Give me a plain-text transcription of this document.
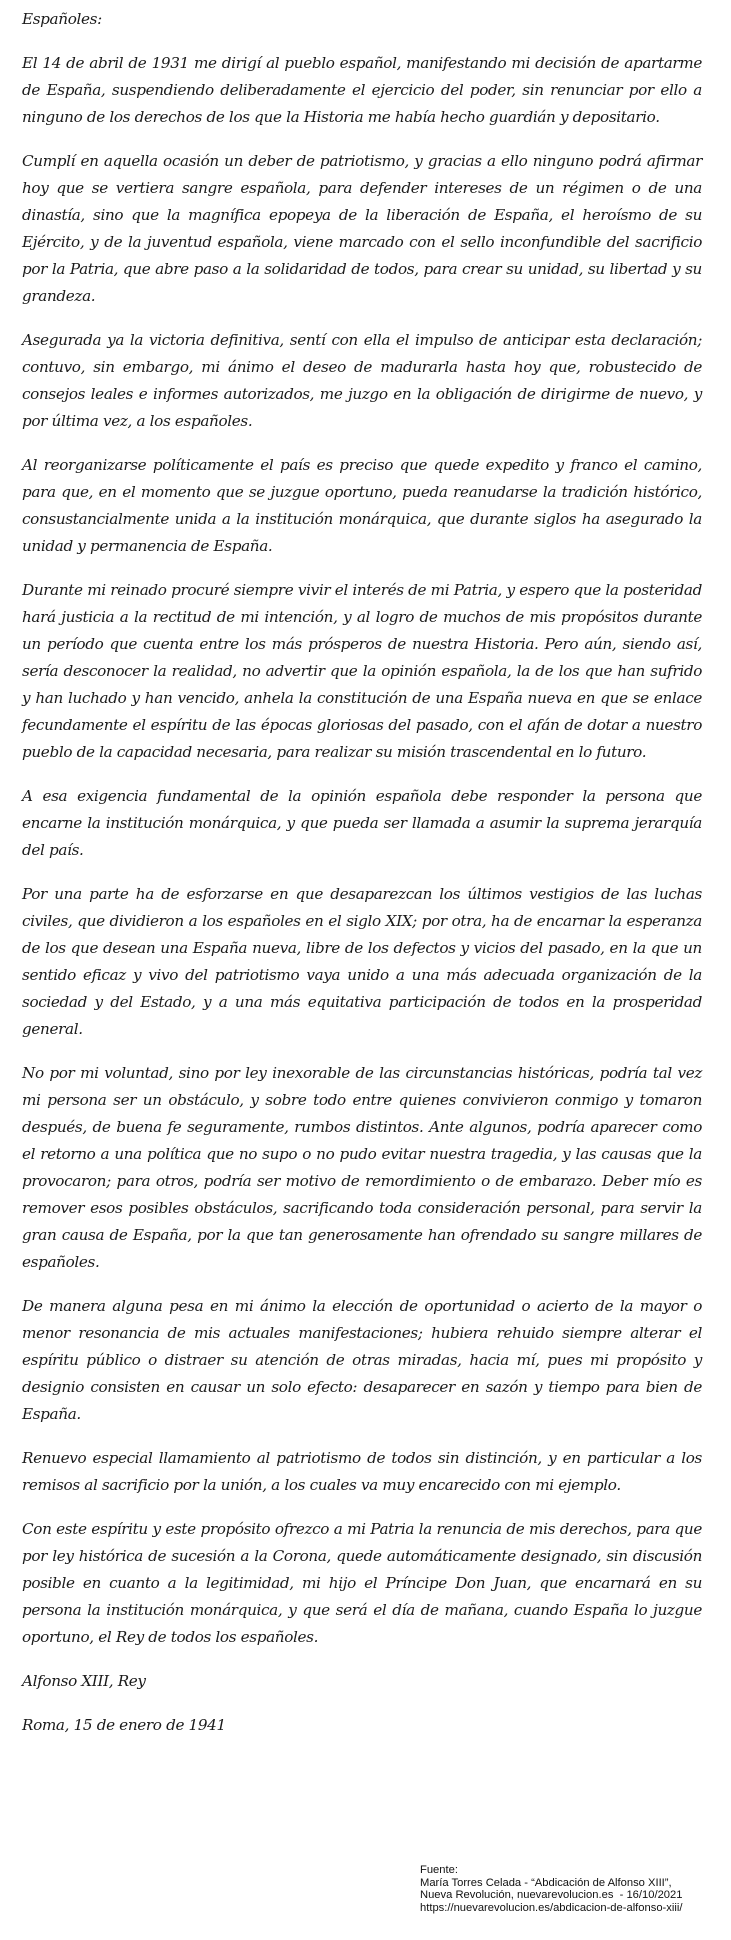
Españoles:

El 14 de abril de 1931 me dirigí al pueblo español, manifestando mi decisión de apartarme de España, suspendiendo deliberadamente el ejercicio del poder, sin renunciar por ello a ninguno de los derechos de los que la Historia me había hecho guardián y depositario.

Cumplí en aquella ocasión un deber de patriotismo, y gracias a ello ninguno podrá afirmar hoy que se vertiera sangre española, para defender intereses de un régimen o de una dinastía, sino que la magnífica epopeya de la liberación de España, el heroísmo de su Ejército, y de la juventud española, viene marcado con el sello inconfundible del sacrificio por la Patria, que abre paso a la solidaridad de todos, para crear su unidad, su libertad y su grandeza.

Asegurada ya la victoria definitiva, sentí con ella el impulso de anticipar esta declaración; contuvo, sin embargo, mi ánimo el deseo de madurarla hasta hoy que, robustecido de consejos leales e informes autorizados, me juzgo en la obligación de dirigirme de nuevo, y por última vez, a los españoles.

Al reorganizarse políticamente el país es preciso que quede expedito y franco el camino, para que, en el momento que se juzgue oportuno, pueda reanudarse la tradición histórico, consustancialmente unida a la institución monárquica, que durante siglos ha asegurado la unidad y permanencia de España.

Durante mi reinado procuré siempre vivir el interés de mi Patria, y espero que la posteridad hará justicia a la rectitud de mi intención, y al logro de muchos de mis propósitos durante un período que cuenta entre los más prósperos de nuestra Historia. Pero aún, siendo así, sería desconocer la realidad, no advertir que la opinión española, la de los que han sufrido y han luchado y han vencido, anhela la constitución de una España nueva en que se enlace fecundamente el espíritu de las épocas gloriosas del pasado, con el afán de dotar a nuestro pueblo de la capacidad necesaria, para realizar su misión trascendental en lo futuro.

A esa exigencia fundamental de la opinión española debe responder la persona que encarne la institución monárquica, y que pueda ser llamada a asumir la suprema jerarquía del país.

Por una parte ha de esforzarse en que desaparezcan los últimos vestigios de las luchas civiles, que dividieron a los españoles en el siglo XIX; por otra, ha de encarnar la esperanza de los que desean una España nueva, libre de los defectos y vicios del pasado, en la que un sentido eficaz y vivo del patriotismo vaya unido a una más adecuada organización de la sociedad y del Estado, y a una más equitativa participación de todos en la prosperidad general.

No por mi voluntad, sino por ley inexorable de las circunstancias históricas, podría tal vez mi persona ser un obstáculo, y sobre todo entre quienes convivieron conmigo y tomaron después, de buena fe seguramente, rumbos distintos. Ante algunos, podría aparecer como el retorno a una política que no supo o no pudo evitar nuestra tragedia, y las causas que la provocaron; para otros, podría ser motivo de remordimiento o de embarazo. Deber mío es remover esos posibles obstáculos, sacrificando toda consideración personal, para servir la gran causa de España, por la que tan generosamente han ofrendado su sangre millares de españoles.

De manera alguna pesa en mi ánimo la elección de oportunidad o acierto de la mayor o menor resonancia de mis actuales manifestaciones; hubiera rehuido siempre alterar el espíritu público o distraer su atención de otras miradas, hacia mí, pues mi propósito y designio consisten en causar un solo efecto: desaparecer en sazón y tiempo para bien de España.

Renuevo especial llamamiento al patriotismo de todos sin distinción, y en particular a los remisos al sacrificio por la unión, a los cuales va muy encarecido con mi ejemplo.

Con este espíritu y este propósito ofrezco a mi Patria la renuncia de mis derechos, para que por ley histórica de sucesión a la Corona, quede automáticamente designado, sin discusión posible en cuanto a la legitimidad, mi hijo el Príncipe Don Juan, que encarnará en su persona la institución monárquica, y que será el día de mañana, cuando España lo juzgue oportuno, el Rey de todos los españoles.

Alfonso XIII, Rey

Roma, 15 de enero de 1941

Fuente:
María Torres Celada - “Abdicación de Alfonso XIII”,
Nueva Revolución, nuevarevolucion.es  - 16/10/2021
https://nuevarevolucion.es/abdicacion-de-alfonso-xiii/
